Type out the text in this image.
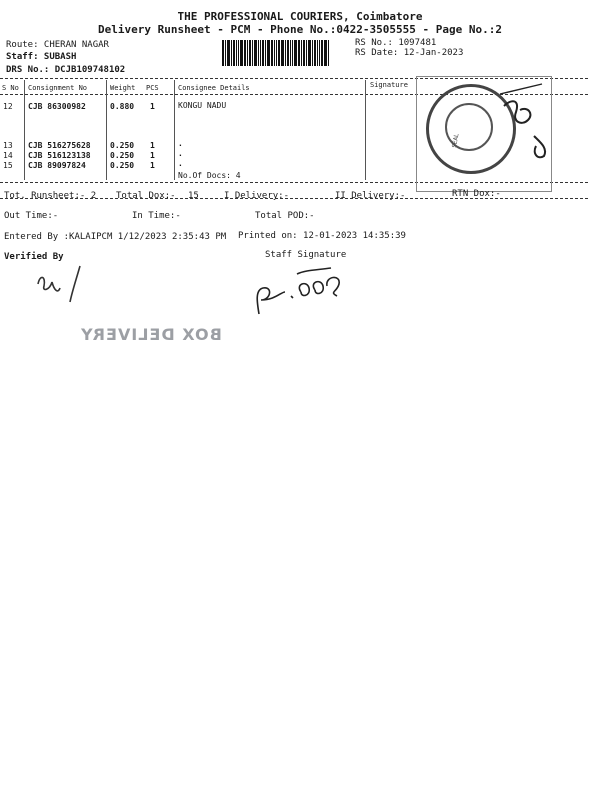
THE PROFESSIONAL COURIERS, Coimbatore
Delivery Runsheet - PCM - Phone No.:0422-3505555 - Page No.:2
Route: CHERAN NAGAR
Staff: SUBASH
DRS No.: DCJB109748102
RS No.: 1097481
RS Date: 12-Jan-2023
S No Consignment No	Weight PCS	Consignee Details	Signature
12 CJB 86300982	0.880 1	KONGU NADU
13 CJB 516275628 0.250 1	.
14 CJB 516123138 0.250 1	.
15 CJB 89097824	0.250 1	.
No.Of Docs: 4
SEAL
Tot. Runsheet:- 2 Total Dox:- 15	I Delivery:-	II Delivery:-	RTN Dox:-
Out Time:-	In Time:-	Total POD:-
Entered By :KALAIPCM 1/12/2023 2:35:43 PM Printed on: 12-01-2023 14:35:39
Verified By	Staff Signature
BOX DELIVERY
